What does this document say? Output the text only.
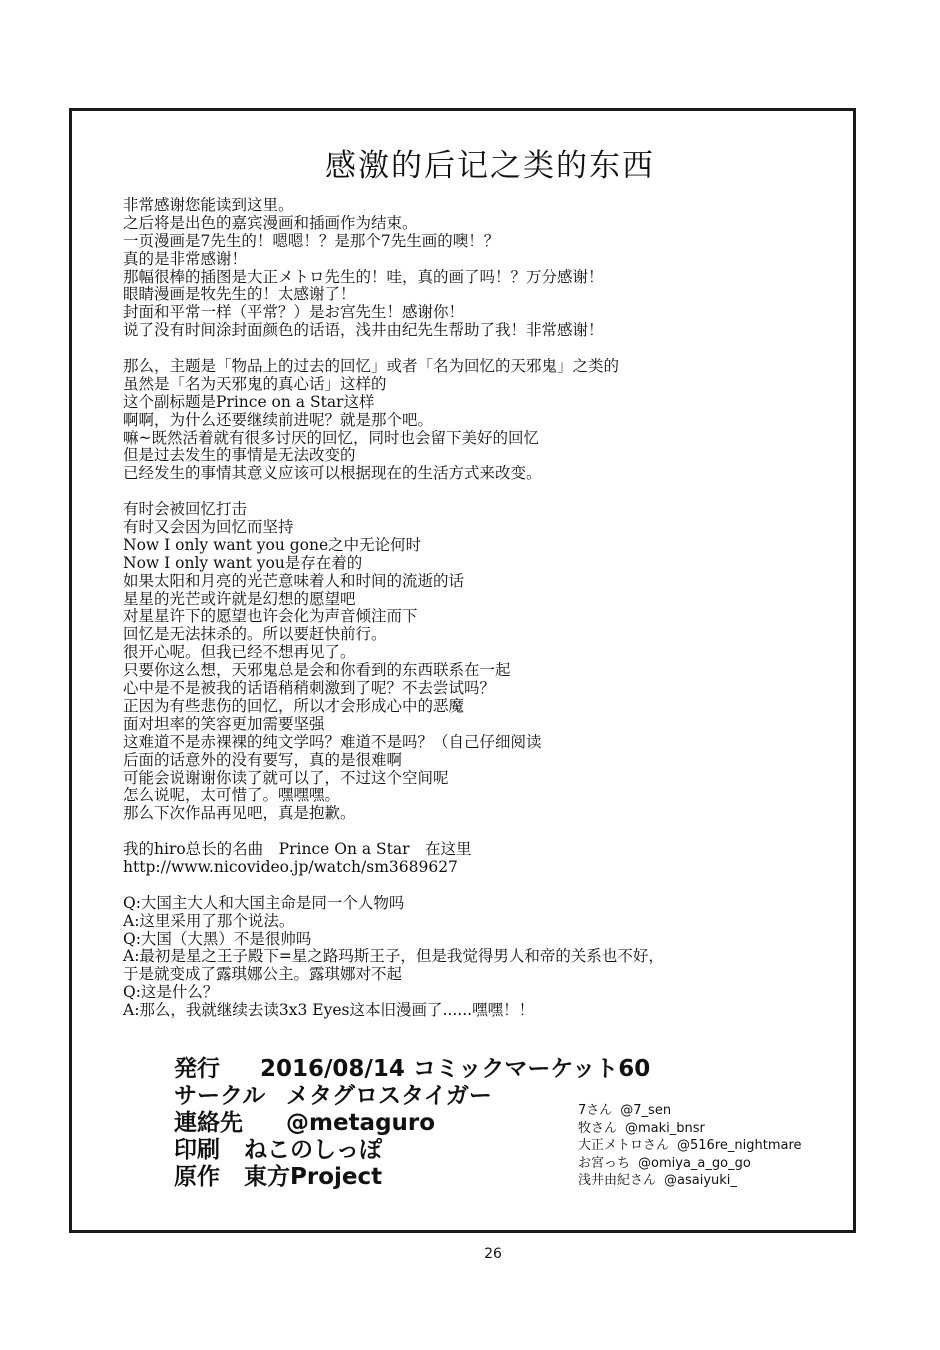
感激的后记之类的东西
非常感谢您能读到这里。
之后将是出色的嘉宾漫画和插画作为结束。
一页漫画是7先生的！嗯嗯！？是那个7先生画的噢！？
真的是非常感谢！
那幅很棒的插图是大正メトロ先生的！哇，真的画了吗！？万分感谢！
眼睛漫画是牧先生的！太感谢了！
封面和平常一样（平常？）是お宫先生！感谢你！
说了没有时间涂封面颜色的话语，浅井由纪先生帮助了我！非常感谢！
那么，主题是「物品上的过去的回忆」或者「名为回忆的天邪鬼」之类的
虽然是「名为天邪鬼的真心话」这样的
这个副标题是Prince on a Star这样
啊啊，为什么还要继续前进呢？就是那个吧。
嘛~既然活着就有很多讨厌的回忆，同时也会留下美好的回忆
但是过去发生的事情是无法改变的
已经发生的事情其意义应该可以根据现在的生活方式来改变。
有时会被回忆打击
有时又会因为回忆而坚持
Now I only want you gone之中无论何时
Now I only want you是存在着的
如果太阳和月亮的光芒意味着人和时间的流逝的话
星星的光芒或许就是幻想的愿望吧
对星星许下的愿望也许会化为声音倾注而下
回忆是无法抹杀的。所以要赶快前行。
很开心呢。但我已经不想再见了。
只要你这么想，天邪鬼总是会和你看到的东西联系在一起
心中是不是被我的话语稍稍刺激到了呢？不去尝试吗？
正因为有些悲伤的回忆，所以才会形成心中的恶魔
面对坦率的笑容更加需要坚强
这难道不是赤裸裸的纯文学吗？难道不是吗？（自己仔细阅读
后面的话意外的没有要写，真的是很难啊
可能会说谢谢你读了就可以了，不过这个空间呢
怎么说呢，太可惜了。嘿嘿嘿。
那么下次作品再见吧，真是抱歉。
我的hiro总长的名曲　Prince On a Star　在这里
http://www.nicovideo.jp/watch/sm3689627
Q:大国主大人和大国主命是同一个人物吗
A:这里采用了那个说法。
Q:大国（大黑）不是很帅吗
A:最初是星之王子殿下=星之路玛斯王子，但是我觉得男人和帝的关系也不好，
于是就变成了露琪娜公主。露琪娜对不起
Q:这是什么？
A:那么，我就继续去读3x3 Eyes这本旧漫画了......嘿嘿！！
発行 2016/08/14 コミックマーケット60
サークル メタグロスタイガー
連絡先 @metaguro
印刷 ねこのしっぽ
原作 東方Project
7さん @7_sen
牧さん @maki_bnsr
大正メトロさん @516re_nightmare
お宮っち @omiya_a_go_go
浅井由紀さん @asaiyuki_
26
